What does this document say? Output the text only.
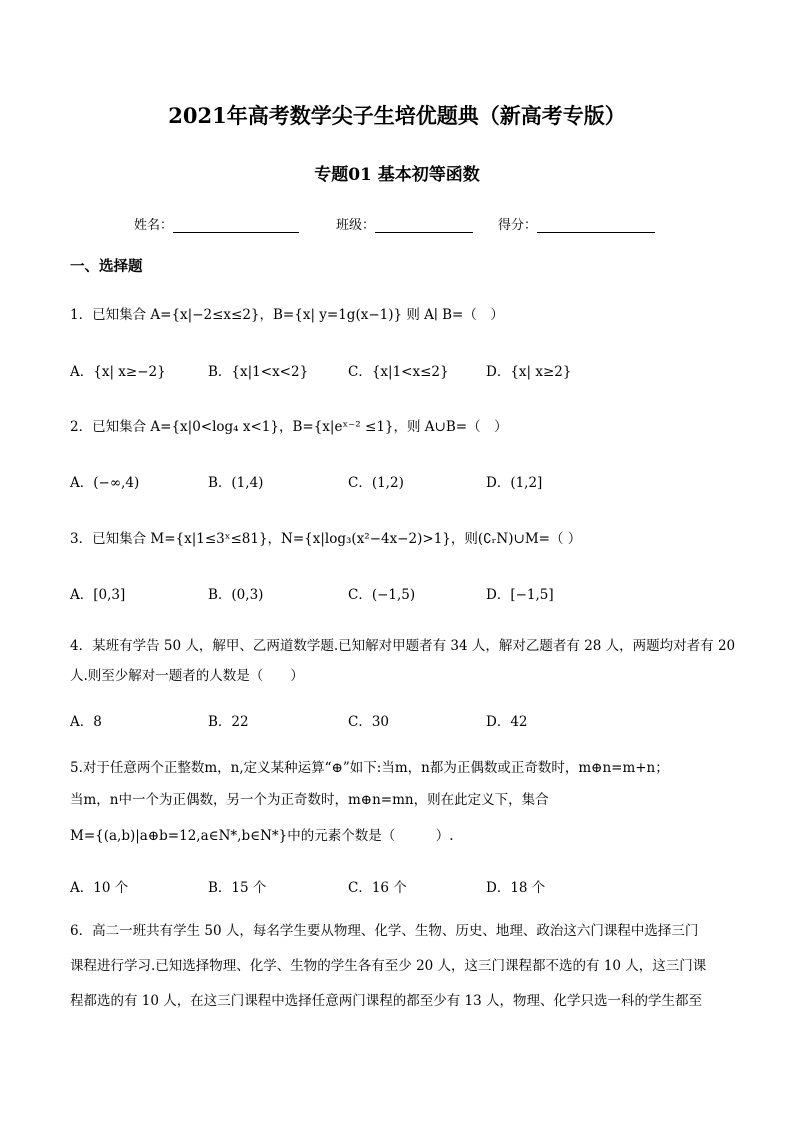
2021年高考数学尖子生培优题典（新高考专版）
专题01 基本初等函数
姓名：	班级：	得分：
一、选择题
1．已知集合 A={x|−2≤x≤2}，B={x| y=1g(x−1)} 则 A∣ B=（　）
A．{x| x≥−2}	B．{x|1<x<2}	C．{x|1<x≤2}	D．{x| x≥2}
2．已知集合 A={x|0<log₄ x<1}，B={x|eˣ⁻² ≤1}，则 A∪B=（　）
A．(−∞,4)	B．(1,4)	C．(1,2)	D．(1,2]
3．已知集合 M={x|1≤3ˣ≤81}，N={x|log₃(x²−4x−2)>1}，则(∁ᵣN)∪M=（ ）
A．[0,3]	B．(0,3)	C．(−1,5)	D．[−1,5]
4．某班有学告 50 人，解甲、乙两道数学题.已知解对甲题者有 34 人，解对乙题者有 28 人，两题均对者有 20
人.则至少解对一题者的人数是（　　）
A．8	B．22	C．30	D．42
5.对于任意两个正整数m，n,定义某种运算“⊕”如下:当m，n都为正偶数或正奇数时，m⊕n=m+n；
当m，n中一个为正偶数，另一个为正奇数时，m⊕n=mn，则在此定义下，集合
M={(a,b)|a⊕b=12,a∈N*,b∈N*}中的元素个数是（　　　）.
A．10 个	B．15 个	C．16 个	D．18 个
6．高二一班共有学生 50 人，每名学生要从物理、化学、生物、历史、地理、政治这六门课程中选择三门
课程进行学习.已知选择物理、化学、生物的学生各有至少 20 人，这三门课程都不选的有 10 人，这三门课
程都选的有 10 人，在这三门课程中选择任意两门课程的都至少有 13 人，物理、化学只选一科的学生都至
